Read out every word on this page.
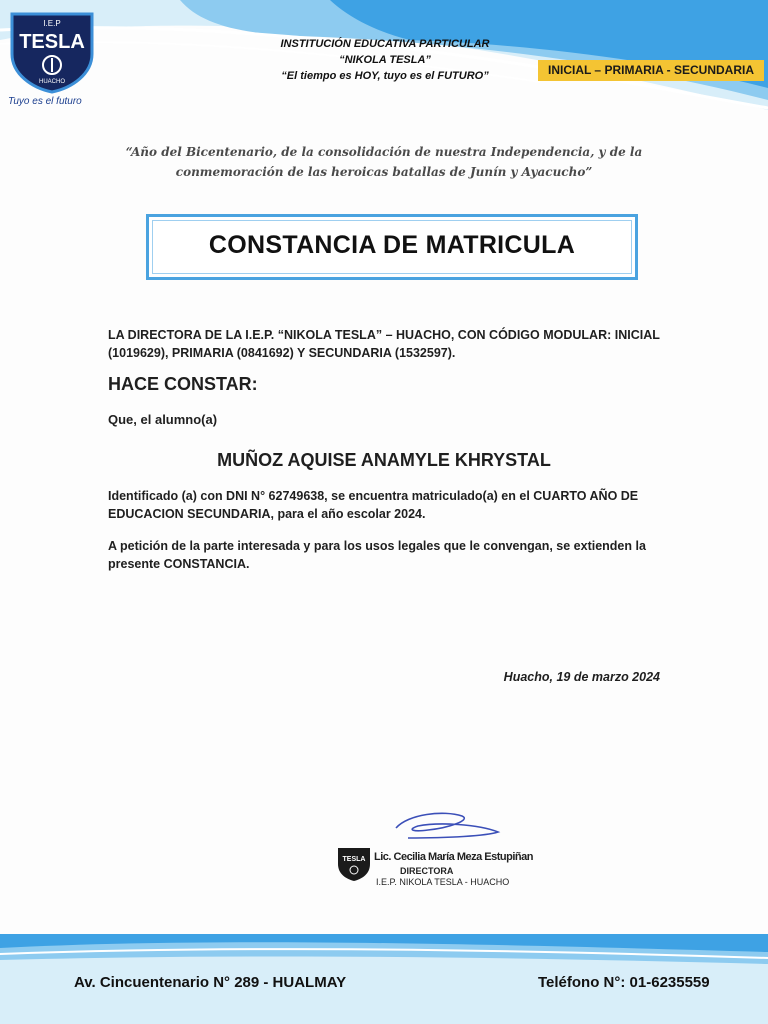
I.E.P
TESLA
HUACHO
Tuyo es el futuro
INSTITUCIÓN EDUCATIVA PARTICULAR
“NIKOLA TESLA”
“El tiempo es HOY, tuyo es el FUTURO”	INICIAL – PRIMARIA - SECUNDARIA
“Año del Bicentenario, de la consolidación de nuestra Independencia, y de la
conmemoración de las heroicas batallas de Junín y Ayacucho”
CONSTANCIA DE MATRICULA
LA DIRECTORA DE LA I.E.P. “NIKOLA TESLA” – HUACHO, CON CÓDIGO MODULAR: INICIAL (1019629), PRIMARIA (0841692) Y SECUNDARIA (1532597).
HACE CONSTAR:
Que, el alumno(a)
MUÑOZ AQUISE ANAMYLE KHRYSTAL
Identificado (a) con DNI N° 62749638, se encuentra matriculado(a) en el CUARTO AÑO DE EDUCACION SECUNDARIA, para el año escolar 2024.
A petición de la parte interesada y para los usos legales que le convengan, se extienden la presente CONSTANCIA.
Huacho, 19 de marzo 2024
TESLA Lic. Cecilia María Meza Estupiñan
DIRECTORA
I.E.P. NIKOLA TESLA - HUACHO
Av. Cincuentenario N° 289 - HUALMAY	Teléfono N°: 01-6235559
